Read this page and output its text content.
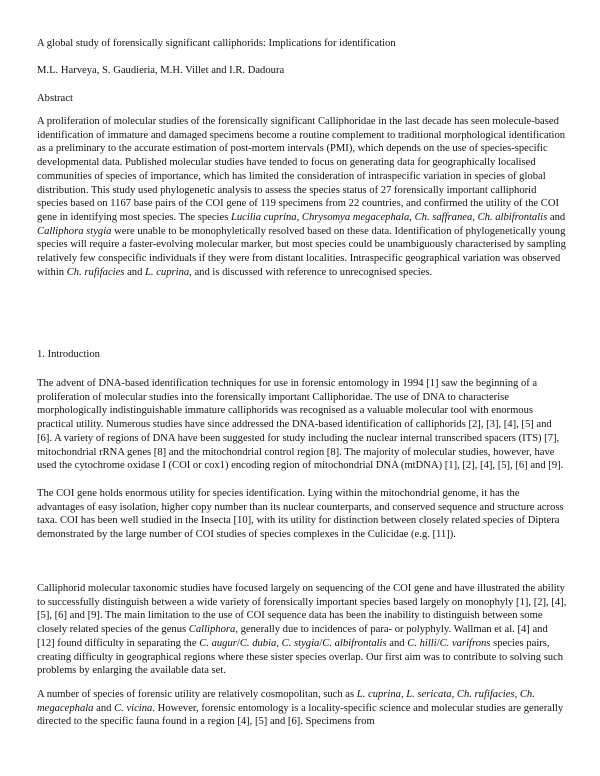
A global study of forensically significant calliphorids: Implications for identification

M.L. Harveya, S. Gaudieria, M.H. Villet and I.R. Dadoura

Abstract

A proliferation of molecular studies of the forensically significant Calliphoridae in the last decade has seen molecule-based identification of immature and damaged specimens become a routine complement to traditional morphological identification as a preliminary to the accurate estimation of post-mortem intervals (PMI), which depends on the use of species-specific developmental data. Published molecular studies have tended to focus on generating data for geographically localised communities of species of importance, which has limited the consideration of intraspecific variation in species of global distribution. This study used phylogenetic analysis to assess the species status of 27 forensically important calliphorid species based on 1167 base pairs of the COI gene of 119 specimens from 22 countries, and confirmed the utility of the COI gene in identifying most species. The species Lucilia cuprina, Chrysomya megacephala, Ch. saffranea, Ch. albifrontalis and Calliphora stygia were unable to be monophyletically resolved based on these data. Identification of phylogenetically young species will require a faster-evolving molecular marker, but most species could be unambiguously characterised by sampling relatively few conspecific individuals if they were from distant localities. Intraspecific geographical variation was observed within Ch. rufifacies and L. cuprina, and is discussed with reference to unrecognised species.

1. Introduction

The advent of DNA-based identification techniques for use in forensic entomology in 1994 [1] saw the beginning of a proliferation of molecular studies into the forensically important Calliphoridae. The use of DNA to characterise morphologically indistinguishable immature calliphorids was recognised as a valuable molecular tool with enormous practical utility. Numerous studies have since addressed the DNA-based identification of calliphorids [2], [3], [4], [5] and [6]. A variety of regions of DNA have been suggested for study including the nuclear internal transcribed spacers (ITS) [7], mitochondrial rRNA genes [8] and the mitochondrial control region [8]. The majority of molecular studies, however, have used the cytochrome oxidase I (COI or cox1) encoding region of mitochondrial DNA (mtDNA) [1], [2], [4], [5], [6] and [9].

The COI gene holds enormous utility for species identification. Lying within the mitochondrial genome, it has the advantages of easy isolation, higher copy number than its nuclear counterparts, and conserved sequence and structure across taxa. COI has been well studied in the Insecta [10], with its utility for distinction between closely related species of Diptera demonstrated by the large number of COI studies of species complexes in the Culicidae (e.g. [11]).

Calliphorid molecular taxonomic studies have focused largely on sequencing of the COI gene and have illustrated the ability to successfully distinguish between a wide variety of forensically important species based largely on monophyly [1], [2], [4], [5], [6] and [9]. The main limitation to the use of COI sequence data has been the inability to distinguish between some closely related species of the genus Calliphora, generally due to incidences of para- or polyphyly. Wallman et al. [4] and [12] found difficulty in separating the C. augur/C. dubia, C. stygia/C. albifrontalis and C. hilli/C. varifrons species pairs, creating difficulty in geographical regions where these sister species overlap. Our first aim was to contribute to solving such problems by enlarging the available data set.

A number of species of forensic utility are relatively cosmopolitan, such as L. cuprina, L. sericata, Ch. rufifacies, Ch. megacephala and C. vicina. However, forensic entomology is a locality-specific science and molecular studies are generally directed to the specific fauna found in a region [4], [5] and [6]. Specimens from
